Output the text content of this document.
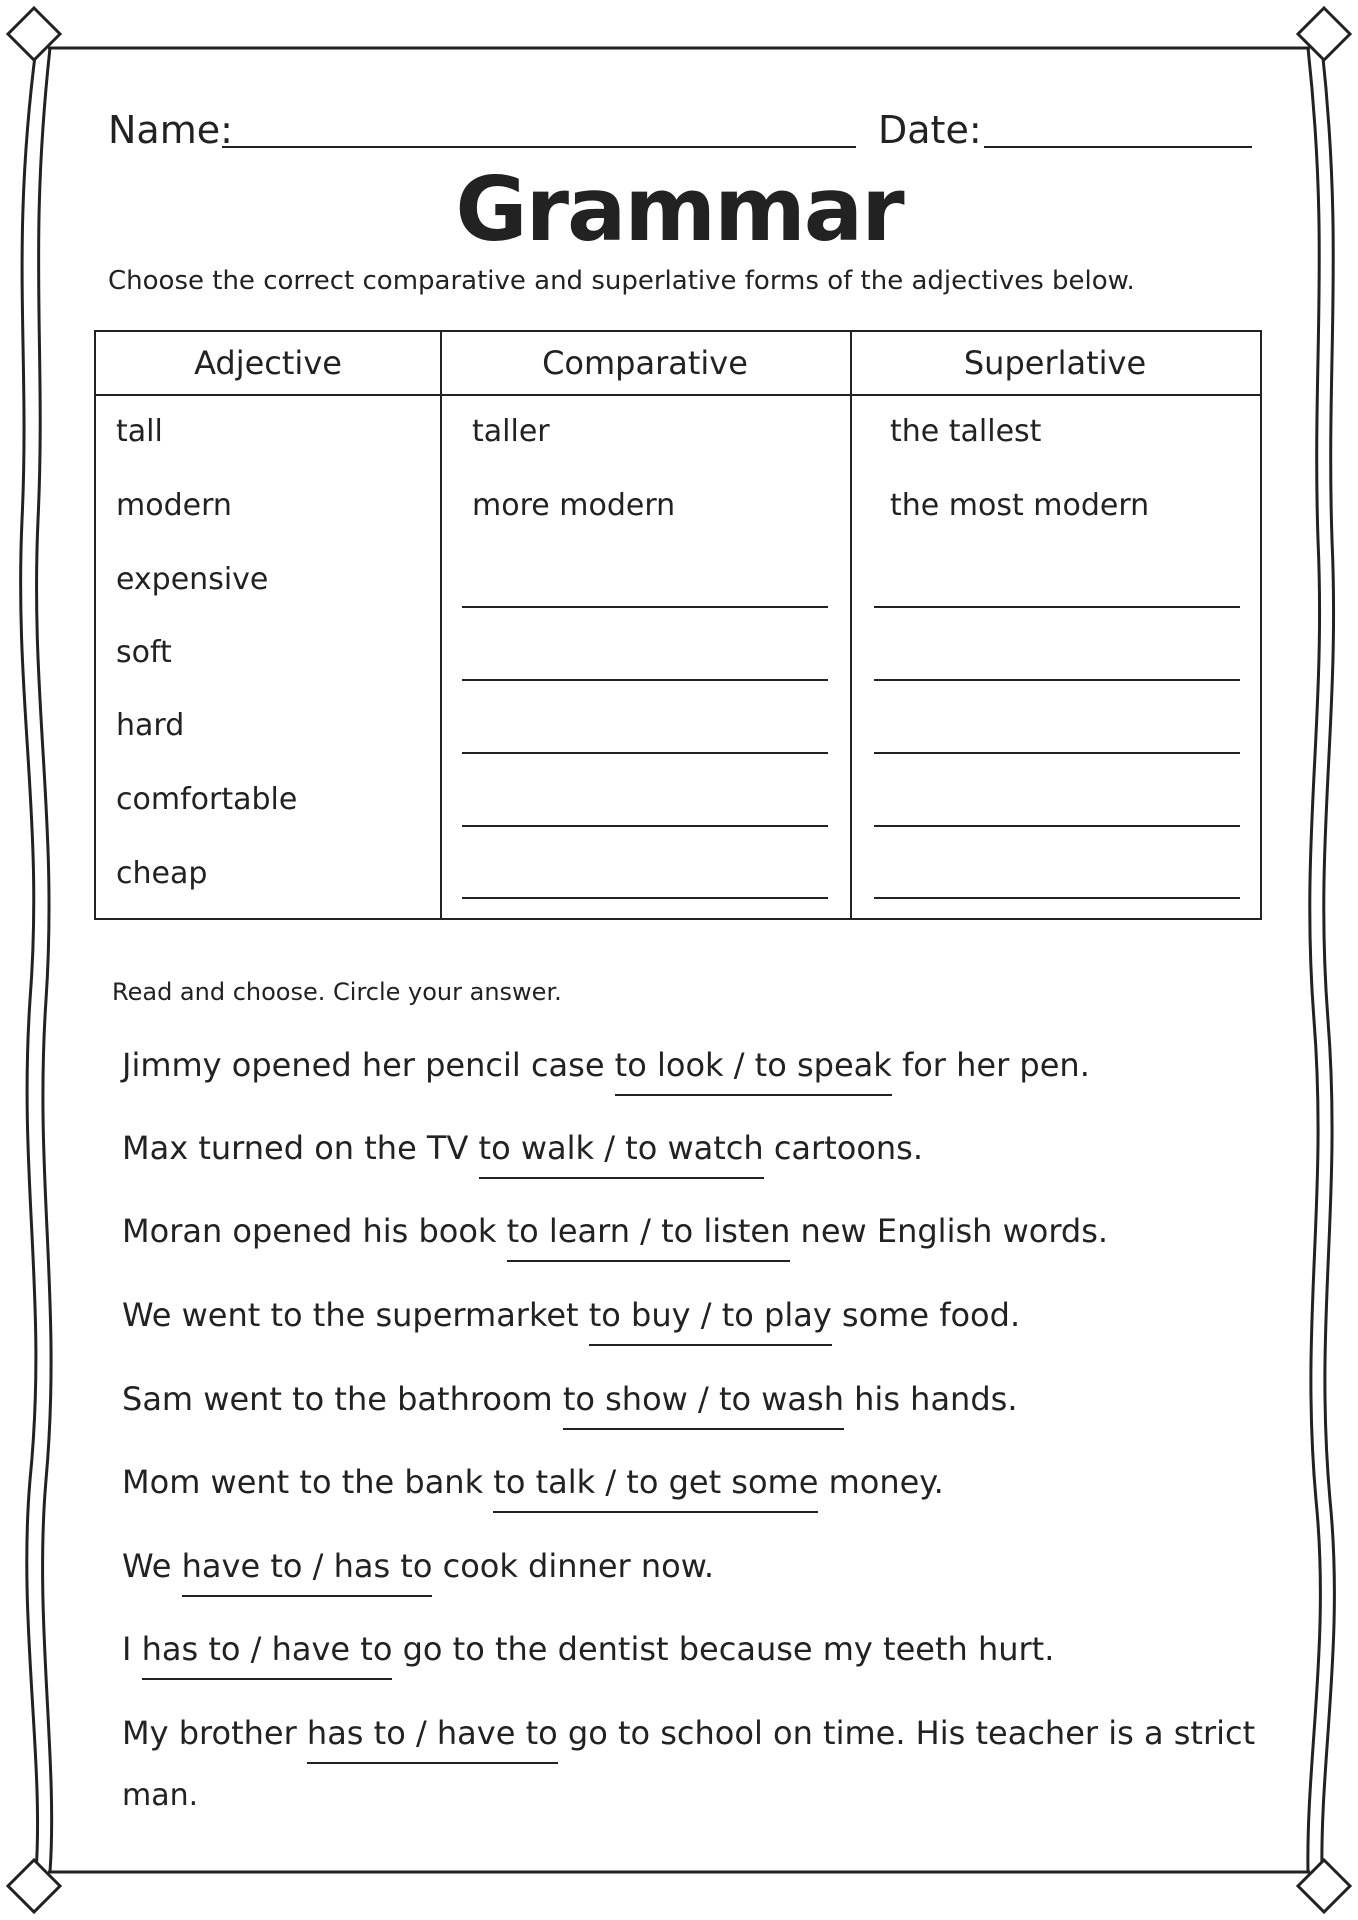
Name:	Date:
Grammar
Choose the correct comparative and superlative forms of the adjectives below.
Adjective	Comparative	Superlative
tall	taller	the tallest
modern	more modern	the most modern
expensive
soft
hard
comfortable
cheap
Read and choose. Circle your answer.
Jimmy opened her pencil case to look / to speak for her pen.
Max turned on the TV to walk / to watch cartoons.
Moran opened his book to learn / to listen new English words.
We went to the supermarket to buy / to play some food.
Sam went to the bathroom to show / to wash his hands.
Mom went to the bank to talk / to get some money.
We have to / has to cook dinner now.
I has to / have to go to the dentist because my teeth hurt.
My brother has to / have to go to school on time. His teacher is a strict
man.
